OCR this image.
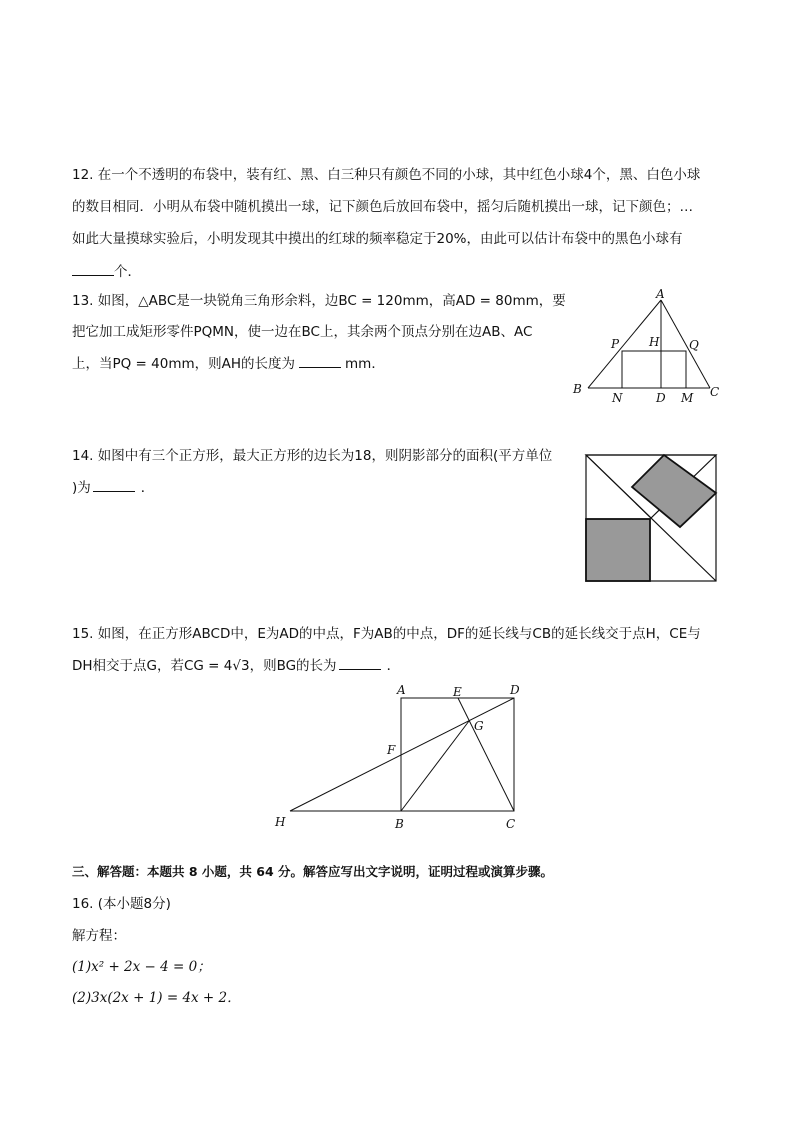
12. 在一个不透明的布袋中，装有红、黑、白三种只有颜色不同的小球，其中红色小球4个，黑、白色小球
的数目相同．小明从布袋中随机摸出一球，记下颜色后放回布袋中，摇匀后随机摸出一球，记下颜色；…
如此大量摸球实验后，小明发现其中摸出的红球的频率稳定于20%，由此可以估计布袋中的黑色小球有
个．
13. 如图，△ABC是一块锐角三角形余料，边BC = 120mm，高AD = 80mm，要
把它加工成矩形零件PQMN，使一边在BC上，其余两个顶点分别在边AB、AC
上，当PQ = 40mm，则AH的长度为	mm．
A
P H Q
B
N	D M C
14. 如图中有三个正方形，最大正方形的边长为18，则阴影部分的面积(平方单位
)为	．
15. 如图，在正方形ABCD中，E为AD的中点，F为AB的中点，DF的延长线与CB的延长线交于点H，CE与
DH相交于点G，若CG = 4√3，则BG的长为	．
A	E	D
G
F
H	B	C
三、解答题：本题共 8 小题，共 64 分。解答应写出文字说明，证明过程或演算步骤。
16. (本小题8分)
解方程：
(1)x² + 2x − 4 = 0；
(2)3x(2x + 1) = 4x + 2．
